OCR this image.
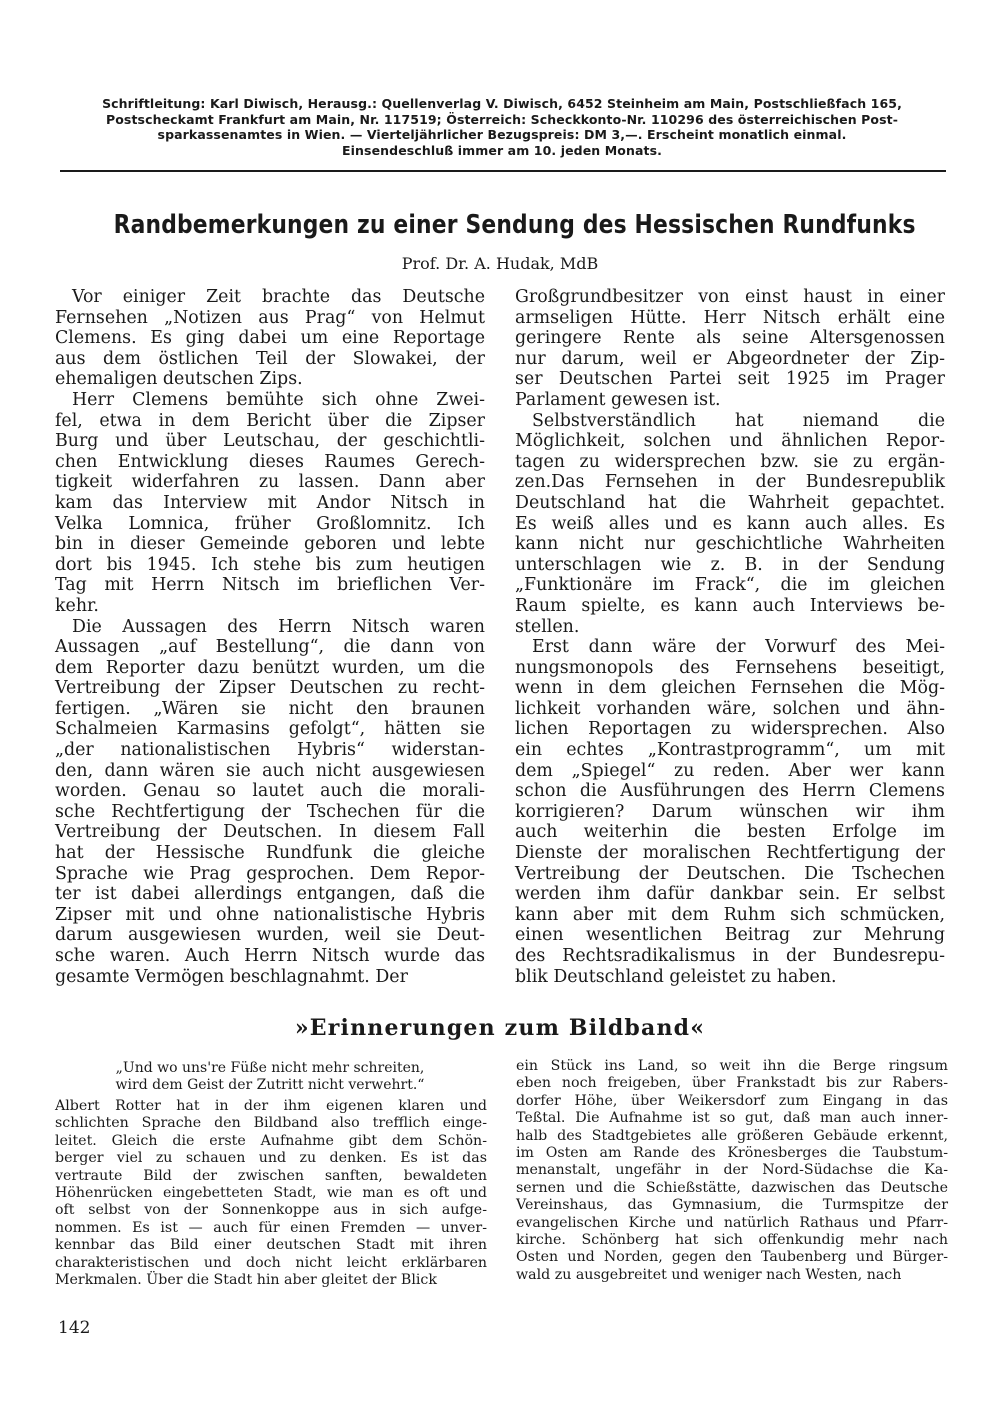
Schriftleitung: Karl Diwisch, Herausg.: Quellenverlag V. Diwisch, 6452 Steinheim am Main, Postschließfach 165,
Postscheckamt Frankfurt am Main, Nr. 117519; Österreich: Scheckkonto-Nr. 110296 des österreichischen Post-
sparkassenamtes in Wien. — Vierteljährlicher Bezugspreis: DM 3,—. Erscheint monatlich einmal.
Einsendeschluß immer am 10. jeden Monats.
Randbemerkungen zu einer Sendung des Hessischen Rundfunks
Prof. Dr. A. Hudak, MdB
Vor einiger Zeit brachte das Deutsche
Fernsehen „Notizen aus Prag“ von Helmut
Clemens. Es ging dabei um eine Reportage
aus dem östlichen Teil der Slowakei, der
ehemaligen deutschen Zips.
Herr Clemens bemühte sich ohne Zwei-
fel, etwa in dem Bericht über die Zipser
Burg und über Leutschau, der geschichtli-
chen Entwicklung dieses Raumes Gerech-
tigkeit widerfahren zu lassen. Dann aber
kam das Interview mit Andor Nitsch in
Velka Lomnica, früher Großlomnitz. Ich
bin in dieser Gemeinde geboren und lebte
dort bis 1945. Ich stehe bis zum heutigen
Tag mit Herrn Nitsch im brieflichen Ver-
kehr.
Die Aussagen des Herrn Nitsch waren
Aussagen „auf Bestellung“, die dann von
dem Reporter dazu benützt wurden, um die
Vertreibung der Zipser Deutschen zu recht-
fertigen. „Wären sie nicht den braunen
Schalmeien Karmasins gefolgt“, hätten sie
„der nationalistischen Hybris“ widerstan-
den, dann wären sie auch nicht ausgewiesen
worden. Genau so lautet auch die morali-
sche Rechtfertigung der Tschechen für die
Vertreibung der Deutschen. In diesem Fall
hat der Hessische Rundfunk die gleiche
Sprache wie Prag gesprochen. Dem Repor-
ter ist dabei allerdings entgangen, daß die
Zipser mit und ohne nationalistische Hybris
darum ausgewiesen wurden, weil sie Deut-
sche waren. Auch Herrn Nitsch wurde das
gesamte Vermögen beschlagnahmt. Der
Großgrundbesitzer von einst haust in einer
armseligen Hütte. Herr Nitsch erhält eine
geringere Rente als seine Altersgenossen
nur darum, weil er Abgeordneter der Zip-
ser Deutschen Partei seit 1925 im Prager
Parlament gewesen ist.
Selbstverständlich hat niemand die
Möglichkeit, solchen und ähnlichen Repor-
tagen zu widersprechen bzw. sie zu ergän-
zen.Das Fernsehen in der Bundesrepublik
Deutschland hat die Wahrheit gepachtet.
Es weiß alles und es kann auch alles. Es
kann nicht nur geschichtliche Wahrheiten
unterschlagen wie z. B. in der Sendung
„Funktionäre im Frack“, die im gleichen
Raum spielte, es kann auch Interviews be-
stellen.
Erst dann wäre der Vorwurf des Mei-
nungsmonopols des Fernsehens beseitigt,
wenn in dem gleichen Fernsehen die Mög-
lichkeit vorhanden wäre, solchen und ähn-
lichen Reportagen zu widersprechen. Also
ein echtes „Kontrastprogramm“, um mit
dem „Spiegel“ zu reden. Aber wer kann
schon die Ausführungen des Herrn Clemens
korrigieren? Darum wünschen wir ihm
auch weiterhin die besten Erfolge im
Dienste der moralischen Rechtfertigung der
Vertreibung der Deutschen. Die Tschechen
werden ihm dafür dankbar sein. Er selbst
kann aber mit dem Ruhm sich schmücken,
einen wesentlichen Beitrag zur Mehrung
des Rechtsradikalismus in der Bundesrepu-
blik Deutschland geleistet zu haben.
»Erinnerungen zum Bildband«
„Und wo uns're Füße nicht mehr schreiten,
wird dem Geist der Zutritt nicht verwehrt.“
Albert Rotter hat in der ihm eigenen klaren und
schlichten Sprache den Bildband also trefflich einge-
leitet. Gleich die erste Aufnahme gibt dem Schön-
berger viel zu schauen und zu denken. Es ist das
vertraute Bild der zwischen sanften, bewaldeten
Höhenrücken eingebetteten Stadt, wie man es oft und
oft selbst von der Sonnenkoppe aus in sich aufge-
nommen. Es ist — auch für einen Fremden — unver-
kennbar das Bild einer deutschen Stadt mit ihren
charakteristischen und doch nicht leicht erklärbaren
Merkmalen. Über die Stadt hin aber gleitet der Blick
ein Stück ins Land, so weit ihn die Berge ringsum
eben noch freigeben, über Frankstadt bis zur Rabers-
dorfer Höhe, über Weikersdorf zum Eingang in das
Teßtal. Die Aufnahme ist so gut, daß man auch inner-
halb des Stadtgebietes alle größeren Gebäude erkennt,
im Osten am Rande des Krönesberges die Taubstum-
menanstalt, ungefähr in der Nord-Südachse die Ka-
sernen und die Schießstätte, dazwischen das Deutsche
Vereinshaus, das Gymnasium, die Turmspitze der
evangelischen Kirche und natürlich Rathaus und Pfarr-
kirche. Schönberg hat sich offenkundig mehr nach
Osten und Norden, gegen den Taubenberg und Bürger-
wald zu ausgebreitet und weniger nach Westen, nach
142
